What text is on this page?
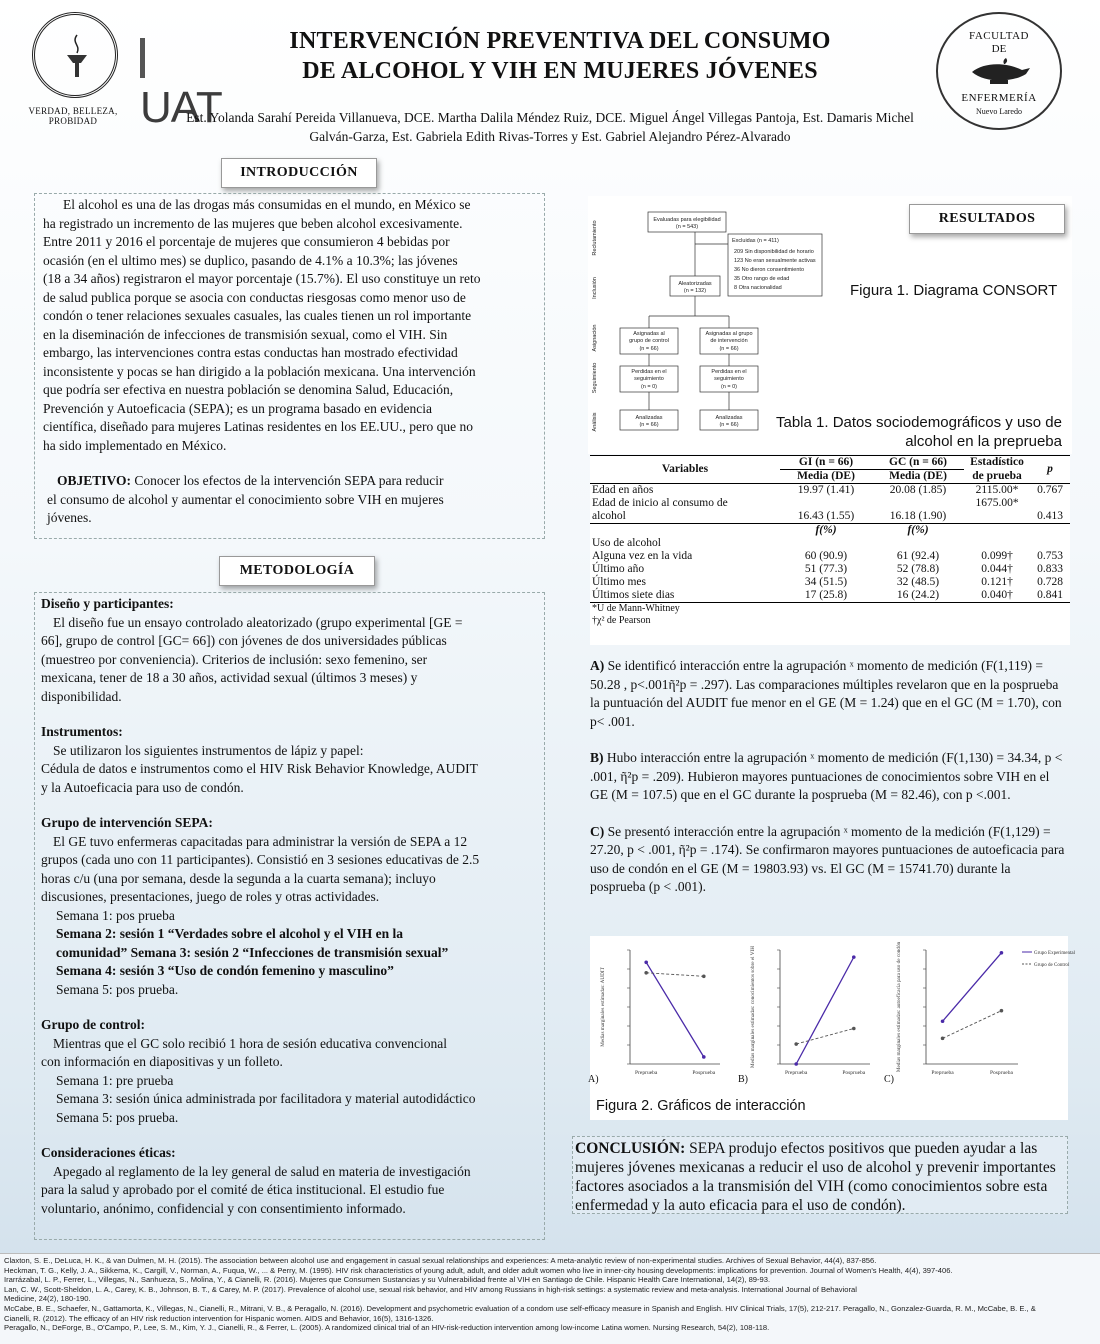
VERDAD, BELLEZA, PROBIDAD UAT
INTERVENCIÓN PREVENTIVA DEL CONSUMO
DE ALCOHOL Y VIH EN MUJERES JÓVENES
Est. Yolanda Sarahí Pereida Villanueva, DCE. Martha Dalila Méndez Ruiz, DCE. Miguel Ángel Villegas Pantoja, Est. Damaris Michel
Galván-Garza, Est. Gabriela Edith Rivas-Torres y Est. Gabriel Alejandro Pérez-Alvarado
FACULTAD
DE
ENFERMERÍA
Nuevo Laredo
INTRODUCCIÓN
El alcohol es una de las drogas más consumidas en el mundo, en México se
ha registrado un incremento de las mujeres que beben alcohol excesivamente.
Entre 2011 y 2016 el porcentaje de mujeres que consumieron 4 bebidas por
ocasión (en el ultimo mes) se duplico, pasando de 4.1% a 10.3%; las jóvenes
(18 a 34 años) registraron el mayor porcentaje (15.7%). El uso constituye un reto
de salud publica porque se asocia con conductas riesgosas como menor uso de
condón o tener relaciones sexuales casuales, las cuales tienen un rol importante
en la diseminación de infecciones de transmisión sexual, como el VIH. Sin
embargo, las intervenciones contra estas conductas han mostrado efectividad
inconsistente y pocas se han dirigido a la población mexicana. Una intervención
que podría ser efectiva en nuestra población se denomina Salud, Educación,
Prevención y Autoeficacia (SEPA); es un programa basado en evidencia
científica, diseñado para mujeres Latinas residentes en los EE.UU., pero que no
ha sido implementado en México.
OBJETIVO: Conocer los efectos de la intervención SEPA para reducir
el consumo de alcohol y aumentar el conocimiento sobre VIH en mujeres
jóvenes.
METODOLOGÍA
Diseño y participantes:
El diseño fue un ensayo controlado aleatorizado (grupo experimental [GE =
66], grupo de control [GC= 66]) con jóvenes de dos universidades públicas
(muestreo por conveniencia). Criterios de inclusión: sexo femenino, ser
mexicana, tener de 18 a 30 años, actividad sexual (últimos 3 meses) y
disponibilidad.
Instrumentos:
Se utilizaron los siguientes instrumentos de lápiz y papel:
Cédula de datos e instrumentos como el HIV Risk Behavior Knowledge, AUDIT
y la Autoeficacia para uso de condón.
Grupo de intervención SEPA:
El GE tuvo enfermeras capacitadas para administrar la versión de SEPA a 12
grupos (cada uno con 11 participantes). Consistió en 3 sesiones educativas de 2.5
horas c/u (una por semana, desde la segunda a la cuarta semana); incluyo
discusiones, presentaciones, juego de roles y otras actividades.
Semana 1: pos prueba
Semana 2: sesión 1 “Verdades sobre el alcohol y el VIH en la
comunidad” Semana 3: sesión 2 “Infecciones de transmisión sexual”
Semana 4: sesión 3 “Uso de condón femenino y masculino”
Semana 5: pos prueba.
Grupo de control:
Mientras que el GC solo recibió 1 hora de sesión educativa convencional
con información en diapositivas y un folleto.
Semana 1: pre prueba
Semana 3: sesión única administrada por facilitadora y material autodidáctico
Semana 5: pos prueba.
Consideraciones éticas:
Apegado al reglamento de la ley general de salud en materia de investigación
para la salud y aprobado por el comité de ética institucional. El estudio fue
voluntario, anónimo, confidencial y con consentimiento informado.
Reclutamiento
Inclusión
Asignación
Seguimiento
Análisis
Evaluadas para elegibilidad
(n = 543)
Excluidas (n = 411)
209 Sin disponibilidad de horario
123 No eran sexualmente activas
36 No dieron consentimiento
35 Otro rango de edad
8 Otra nacionalidad
Aleatorizadas
(n = 132)
Asignadas al
grupo de control
(n = 66)
Asignadas al grupo
de intervención
(n = 66)
Perdidas en el
seguimiento
(n = 0)
Perdidas en el
seguimiento
(n = 0)
Analizadas
(n = 66)
Analizadas
(n = 66)
RESULTADOS
Figura 1. Diagrama CONSORT
Tabla 1. Datos sociodemográficos y uso de
alcohol en la preprueba
Variables	GI (n = 66)	GC (n = 66)	Estadístico	p
	Media (DE)	Media (DE)	de prueba	
Edad en años	19.97 (1.41)	20.08 (1.85)	2115.00*	0.767
Edad de inicio al consumo de
alcohol	16.43 (1.55)	16.18 (1.90)	1675.00*	0.413
	f(%)	f(%)		
Uso de alcohol				
Alguna vez en la vida	60 (90.9)	61 (92.4)	0.099†	0.753
Último año	51 (77.3)	52 (78.8)	0.044†	0.833
Último mes	34 (51.5)	32 (48.5)	0.121†	0.728
Últimos siete dias	17 (25.8)	16 (24.2)	0.040†	0.841
*U de Mann-Whitney				
†χ² de Pearson				

A) Se identificó interacción entre la agrupación ˣ momento de medición (F(1,119) = 50.28 , p<.001ῆ²p = .297). Las comparaciones múltiples revelaron que en la posprueba la puntuación del AUDIT fue menor en el GE (M = 1.24) que en el GC (M = 1.70), con p< .001.

B) Hubo interacción entre la agrupación ˣ momento de medición (F(1,130) = 34.34, p < .001, ῆ²p = .209). Hubieron mayores puntuaciones de conocimientos sobre VIH en el GE (M = 107.5) que en el GC durante la posprueba (M = 82.46), con p <.001.

C) Se presentó interacción entre la agrupación ˣ momento de la medición (F(1,129) = 27.20, p < .001, ῆ²p = .174). Se confirmaron mayores puntuaciones de autoeficacia para uso de condón en el GE (M = 19803.93) vs. El GC (M = 15741.70) durante la posprueba (p < .001).

Medias marginales estimadas: AUDIT
Preprueba	Posprueba
A)
Medias marginales estimadas: conocimientos sobre el VIH
Preprueba	Posprueba
B)
Medias marginales estimadas: autoeficacia para uso de condón
Preprueba	Posprueba
C)
Grupo Experimental
Grupo de Control
Figura 2. Gráficos de interacción
CONCLUSIÓN: SEPA produjo efectos positivos que pueden ayudar a las mujeres jóvenes mexicanas a reducir el uso de alcohol y prevenir importantes factores asociados a la transmisión del VIH (como conocimientos sobre esta enfermedad y la auto eficacia para el uso de condón).
Claxton, S. E., DeLuca, H. K., & van Dulmen, M. H. (2015). The association between alcohol use and engagement in casual sexual relationships and experiences: A meta-analytic review of non-experimental studies. Archives of Sexual Behavior, 44(4), 837-856.
Heckman, T. G., Kelly, J. A., Sikkema, K., Cargill, V., Norman, A., Fuqua, W., ... & Perry, M. (1995). HIV risk characteristics of young adult, adult, and older adult women who live in inner-city housing developments: implications for prevention. Journal of Women's Health, 4(4), 397-406.
Irarrázabal, L. P., Ferrer, L., Villegas, N., Sanhueza, S., Molina, Y., & Cianelli, R. (2016). Mujeres que Consumen Sustancias y su Vulnerabilidad frente al VIH en Santiago de Chile. Hispanic Health Care International, 14(2), 89-93.
Lan, C. W., Scott-Sheldon, L. A., Carey, K. B., Johnson, B. T., & Carey, M. P. (2017). Prevalence of alcohol use, sexual risk behavior, and HIV among Russians in high-risk settings: a systematic review and meta-analysis. International Journal of Behavioral
Medicine, 24(2), 180-190.
McCabe, B. E., Schaefer, N., Gattamorta, K., Villegas, N., Cianelli, R., Mitrani, V. B., & Peragallo, N. (2016). Development and psychometric evaluation of a condom use self-efficacy measure in Spanish and English. HIV Clinical Trials, 17(5), 212-217. Peragallo, N., Gonzalez-Guarda, R. M., McCabe, B. E., &
Cianelli, R. (2012). The efficacy of an HIV risk reduction intervention for Hispanic women. AIDS and Behavior, 16(5), 1316-1326.
Peragallo, N., DeForge, B., O'Campo, P., Lee, S. M., Kim, Y. J., Cianelli, R., & Ferrer, L. (2005). A randomized clinical trial of an HIV-risk-reduction intervention among low-income Latina women. Nursing Research, 54(2), 108-118.
